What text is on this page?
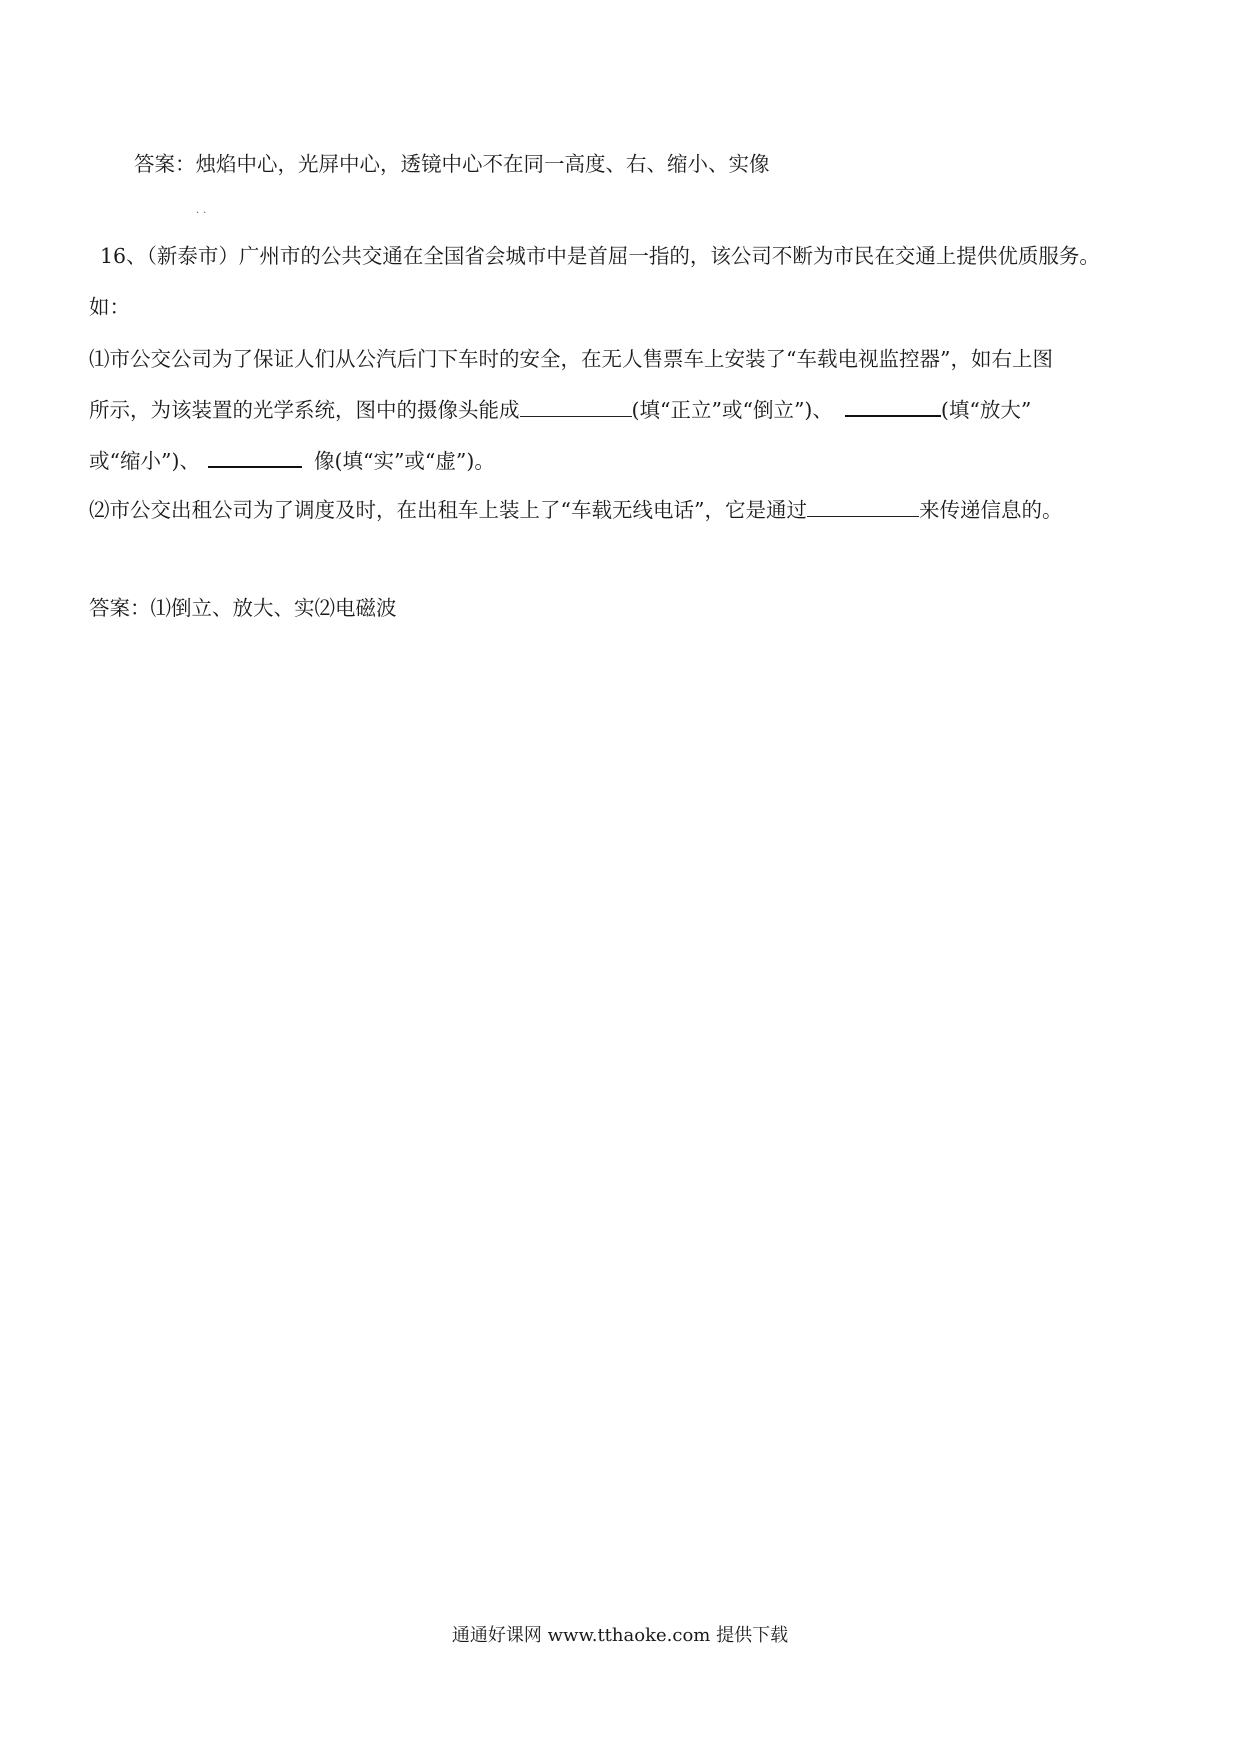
答案：烛焰中心，光屏中心，透镜中心不在同一高度、右、缩小、实像
..
16、（新泰市）广州市的公共交通在全国省会城市中是首屈一指的，该公司不断为市民在交通上提供优质服务。
如：
⑴市公交公司为了保证人们从公汽后门下车时的安全，在无人售票车上安装了“车载电视监控器”，如右上图
所示，为该装置的光学系统，图中的摄像头能成	(填“正立”或“倒立”)、	(填“放大”
或“缩小”)、	像(填“实”或“虚”)。
⑵市公交出租公司为了调度及时，在出租车上装上了“车载无线电话”，它是通过	来传递信息的。
答案：⑴倒立、放大、实⑵电磁波
通通好课网 www.tthaoke.com 提供下载
